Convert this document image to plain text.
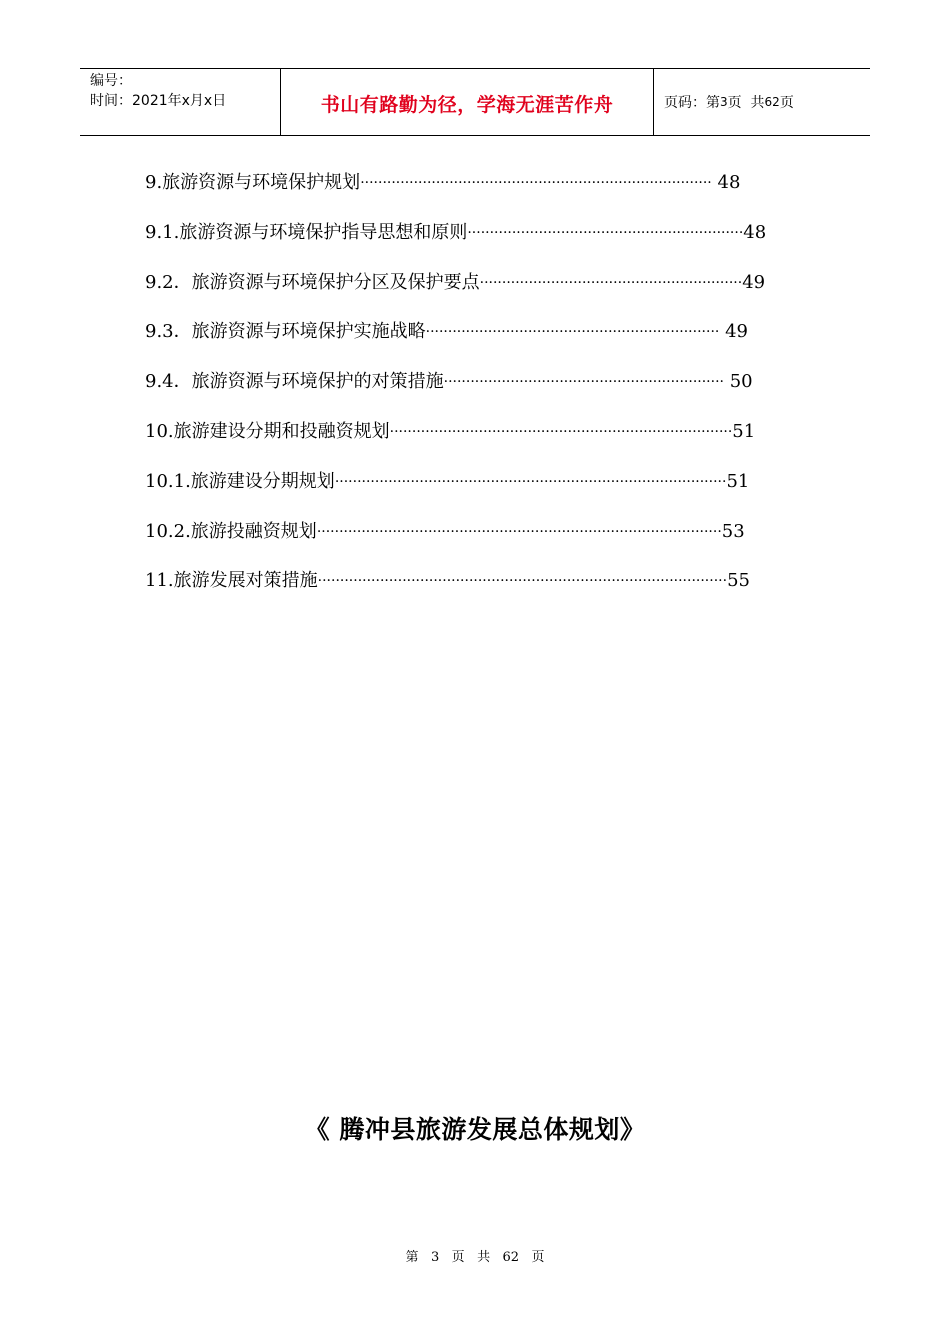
编号：
时间：2021年x月x日	书山有路勤为径，学海无涯苦作舟	页码：第 3 页  共 62 页
9.旅游资源与环境保护规划 ··············································································· 48
9.1.旅游资源与环境保护指导思想和原则 ······························································ 48
9.2．旅游资源与环境保护分区及保护要点 ··························································· 49
9.3．旅游资源与环境保护实施战略 ·································································· 49
9.4．旅游资源与环境保护的对策措施 ······························································· 50
10.旅游建设分期和投融资规划 ············································································· 51
10.1.旅游建设分期规划 ························································································ 51
10.2.旅游投融资规划 ··························································································· 53
11.旅游发展对策措施 ···························································································· 55
《 腾冲县旅游发展总体规划》
第 3 页 共 62 页
